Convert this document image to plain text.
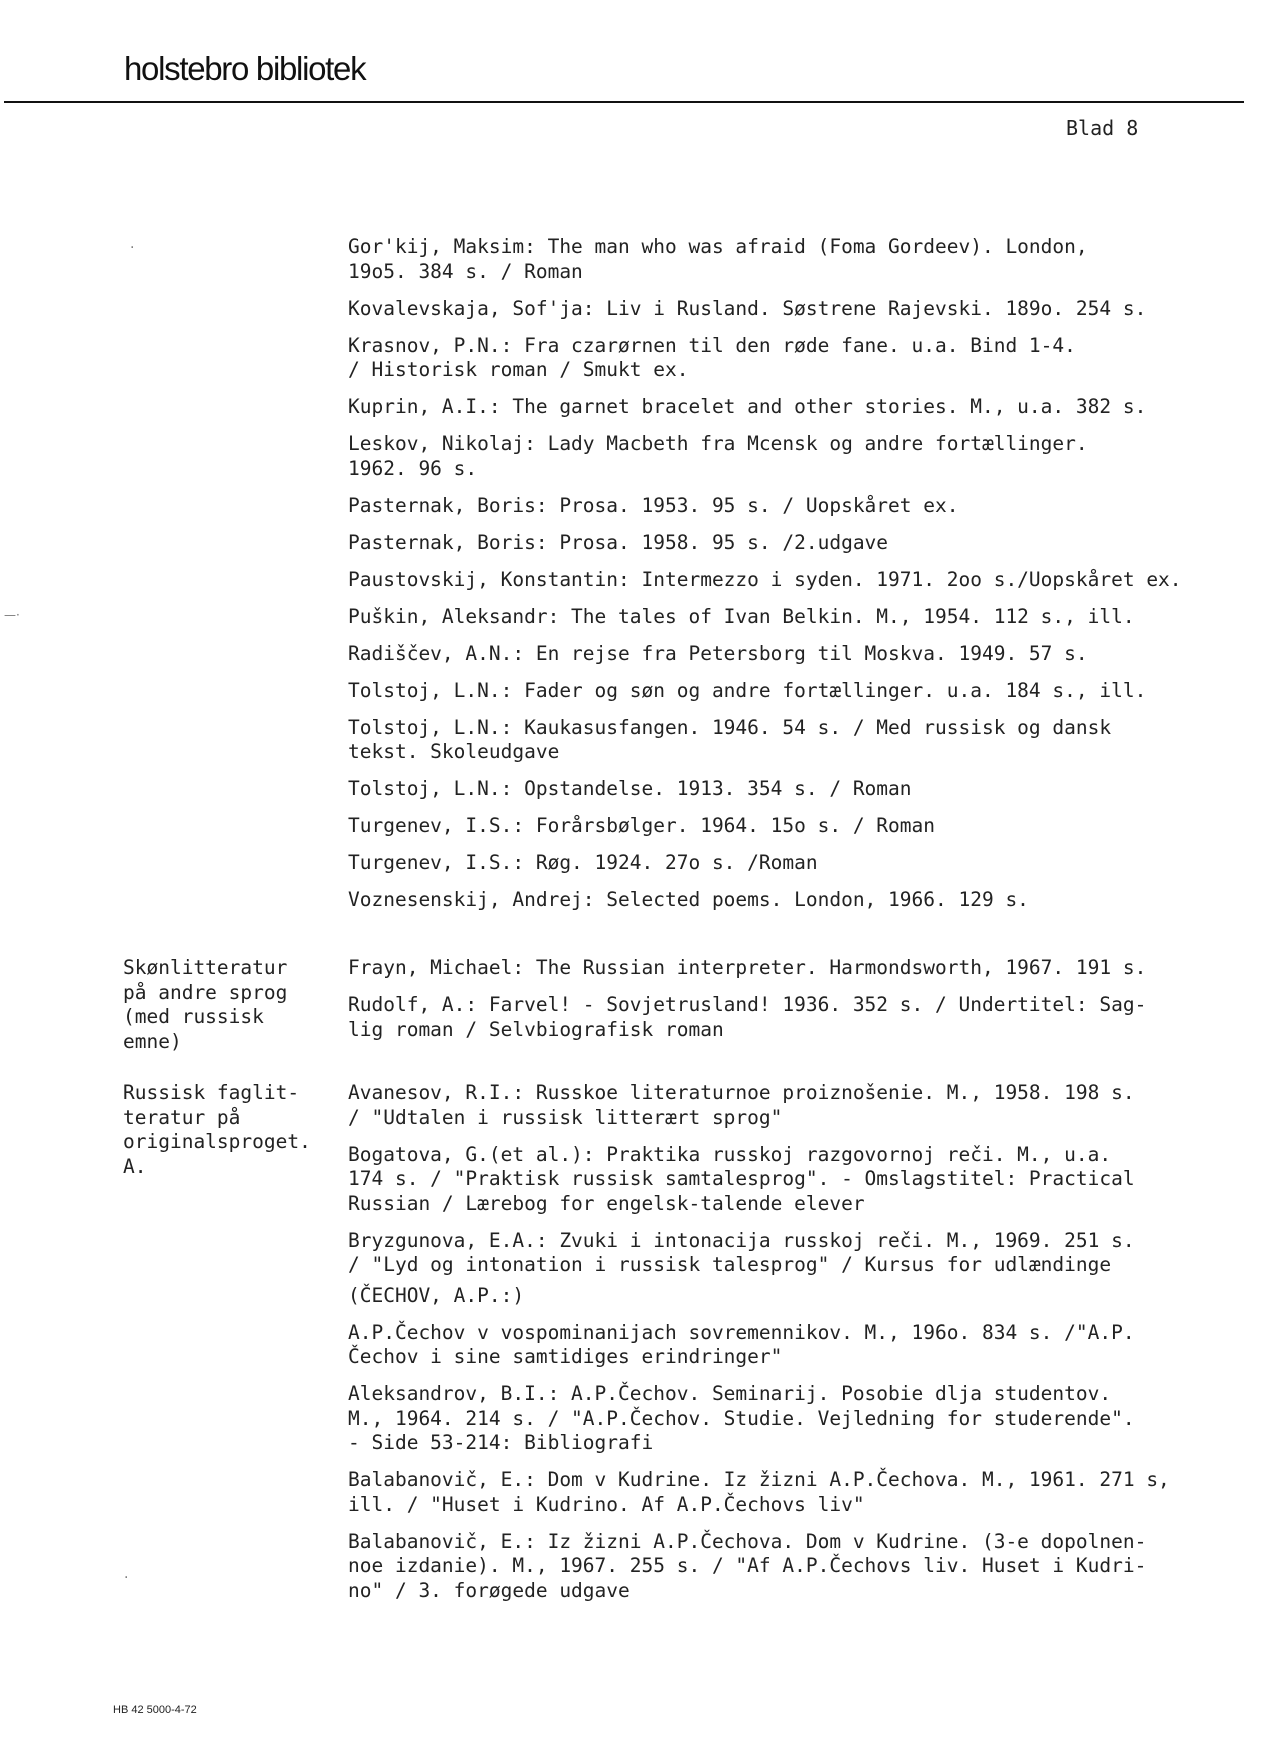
holstebro bibliotek
Blad 8
Gor'kij, Maksim: The man who was afraid (Foma Gordeev). London,
19o5. 384 s. / Roman
Kovalevskaja, Sof'ja: Liv i Rusland. Søstrene Rajevski. 189o. 254 s.
Krasnov, P.N.: Fra czarørnen til den røde fane. u.a. Bind 1-4.
/ Historisk roman / Smukt ex.
Kuprin, A.I.: The garnet bracelet and other stories. M., u.a. 382 s.
Leskov, Nikolaj: Lady Macbeth fra Mcensk og andre fortællinger.
1962. 96 s.
Pasternak, Boris: Prosa. 1953. 95 s. / Uopskåret ex.
Pasternak, Boris: Prosa. 1958. 95 s. /2.udgave
Paustovskij, Konstantin: Intermezzo i syden. 1971. 2oo s./Uopskåret ex.
Puškin, Aleksandr: The tales of Ivan Belkin. M., 1954. 112 s., ill.
Radiščev, A.N.: En rejse fra Petersborg til Moskva. 1949. 57 s.
Tolstoj, L.N.: Fader og søn og andre fortællinger. u.a. 184 s., ill.
Tolstoj, L.N.: Kaukasusfangen. 1946. 54 s. / Med russisk og dansk
tekst. Skoleudgave
Tolstoj, L.N.: Opstandelse. 1913. 354 s. / Roman
Turgenev, I.S.: Forårsbølger. 1964. 15o s. / Roman
Turgenev, I.S.: Røg. 1924. 27o s. /Roman
Voznesenskij, Andrej: Selected poems. London, 1966. 129 s.
Skønlitteratur
på andre sprog
(med russisk
emne)
Frayn, Michael: The Russian interpreter. Harmondsworth, 1967. 191 s.
Rudolf, A.: Farvel! - Sovjetrusland! 1936. 352 s. / Undertitel: Sag-
lig roman / Selvbiografisk roman
Russisk faglit-
teratur på
originalsproget.
A.
Avanesov, R.I.: Russkoe literaturnoe proiznošenie. M., 1958. 198 s.
/ "Udtalen i russisk litterært sprog"
Bogatova, G.(et al.): Praktika russkoj razgovornoj reči. M., u.a.
174 s. / "Praktisk russisk samtalesprog". - Omslagstitel: Practical
Russian / Lærebog for engelsk-talende elever
Bryzgunova, E.A.: Zvuki i intonacija russkoj reči. M., 1969. 251 s.
/ "Lyd og intonation i russisk talesprog" / Kursus for udlændinge
(ČECHOV, A.P.:)
A.P.Čechov v vospominanijach sovremennikov. M., 196o. 834 s. /"A.P.
Čechov i sine samtidiges erindringer"
Aleksandrov, B.I.: A.P.Čechov. Seminarij. Posobie dlja studentov.
M., 1964. 214 s. / "A.P.Čechov. Studie. Vejledning for studerende".
- Side 53-214: Bibliografi
Balabanovič, E.: Dom v Kudrine. Iz žizni A.P.Čechova. M., 1961. 271 s,
ill. / "Huset i Kudrino. Af A.P.Čechovs liv"
Balabanovič, E.: Iz žizni A.P.Čechova. Dom v Kudrine. (3-e dopolnen-
noe izdanie). M., 1967. 255 s. / "Af A.P.Čechovs liv. Huset i Kudri-
no" / 3. forøgede udgave
·
—·
·
HB 42 5000-4-72
